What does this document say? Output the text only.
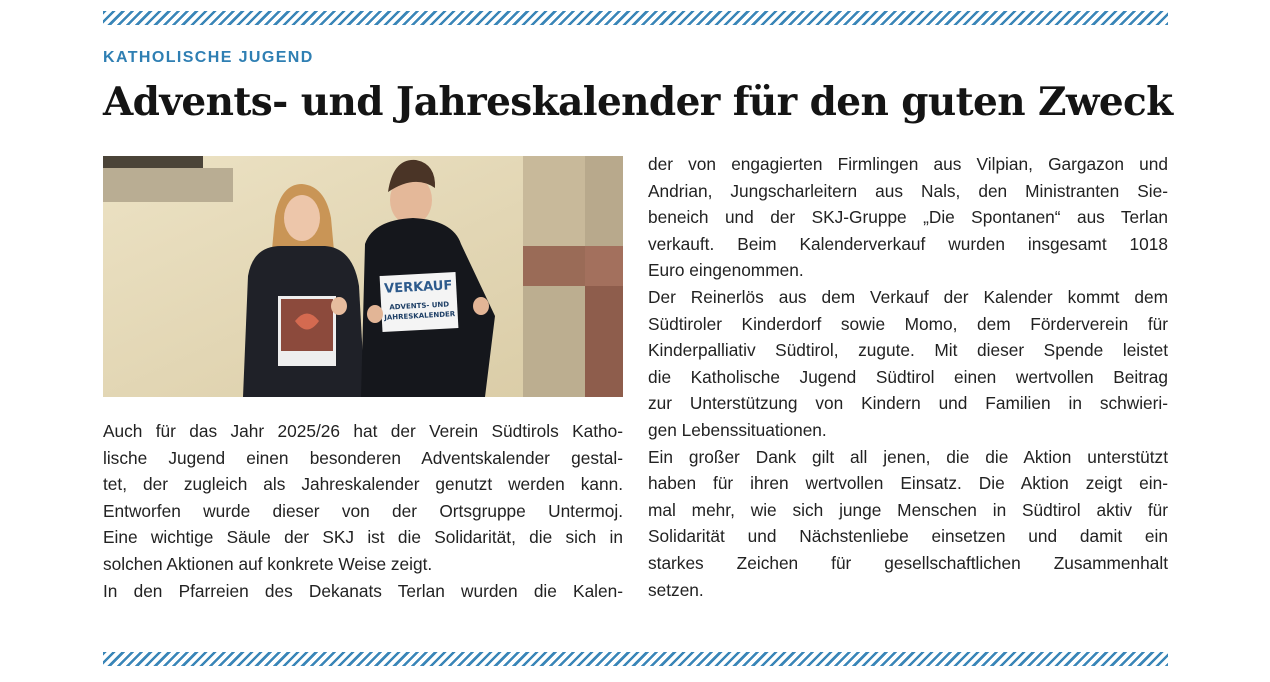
KATHOLISCHE JUGEND
Advents- und Jahreskalender für den guten Zweck
VERKAUF
ADVENTS- UND
JAHRESKALENDER

Auch für das Jahr 2025/26 hat der Verein Südtirols Katho-
lische Jugend einen besonderen Adventskalender gestal-
tet, der zugleich als Jahreskalender genutzt werden kann.
Entworfen wurde dieser von der Ortsgruppe Untermoj.
Eine wichtige Säule der SKJ ist die Solidarität, die sich in
solchen Aktionen auf konkrete Weise zeigt.
In den Pfarreien des Dekanats Terlan wurden die Kalen-

der von engagierten Firmlingen aus Vilpian, Gargazon und
Andrian, Jungscharleitern aus Nals, den Ministranten Sie-
beneich und der SKJ-Gruppe „Die Spontanen“ aus Terlan
verkauft. Beim Kalenderverkauf wurden insgesamt 1018
Euro eingenommen.
Der Reinerlös aus dem Verkauf der Kalender kommt dem
Südtiroler Kinderdorf sowie Momo, dem Förderverein für
Kinderpalliativ Südtirol, zugute. Mit dieser Spende leistet
die Katholische Jugend Südtirol einen wertvollen Beitrag
zur Unterstützung von Kindern und Familien in schwieri-
gen Lebenssituationen.
Ein großer Dank gilt all jenen, die die Aktion unterstützt
haben für ihren wertvollen Einsatz. Die Aktion zeigt ein-
mal mehr, wie sich junge Menschen in Südtirol aktiv für
Solidarität und Nächstenliebe einsetzen und damit ein
starkes Zeichen für gesellschaftlichen Zusammenhalt
setzen.
